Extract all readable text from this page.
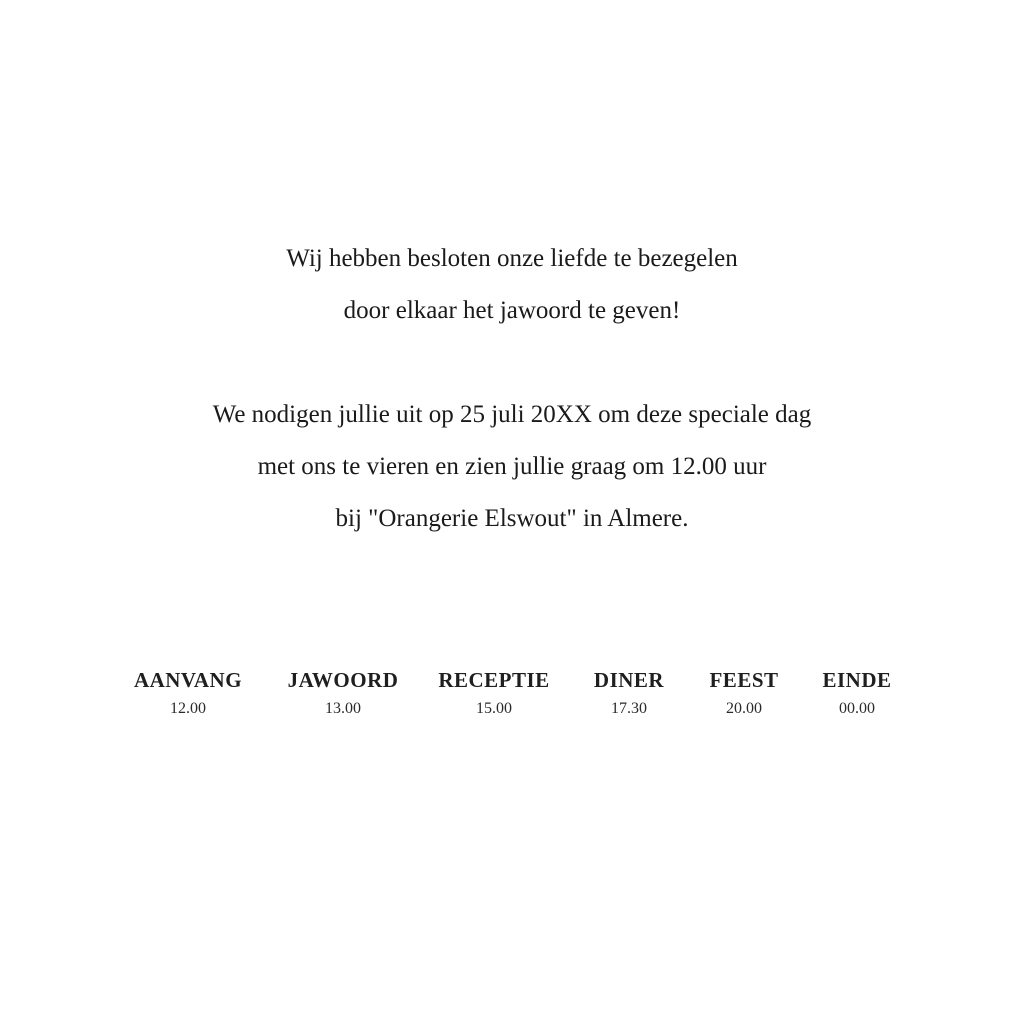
Wij hebben besloten onze liefde te bezegelen

door elkaar het jawoord te geven!

We nodigen jullie uit op 25 juli 20XX om deze speciale dag

met ons te vieren en zien jullie graag om 12.00 uur

bij "Orangerie Elswout" in Almere.

AANVANG
12.00
JAWOORD
13.00
RECEPTIE
15.00
DINER
17.30
FEEST
20.00
EINDE
00.00
